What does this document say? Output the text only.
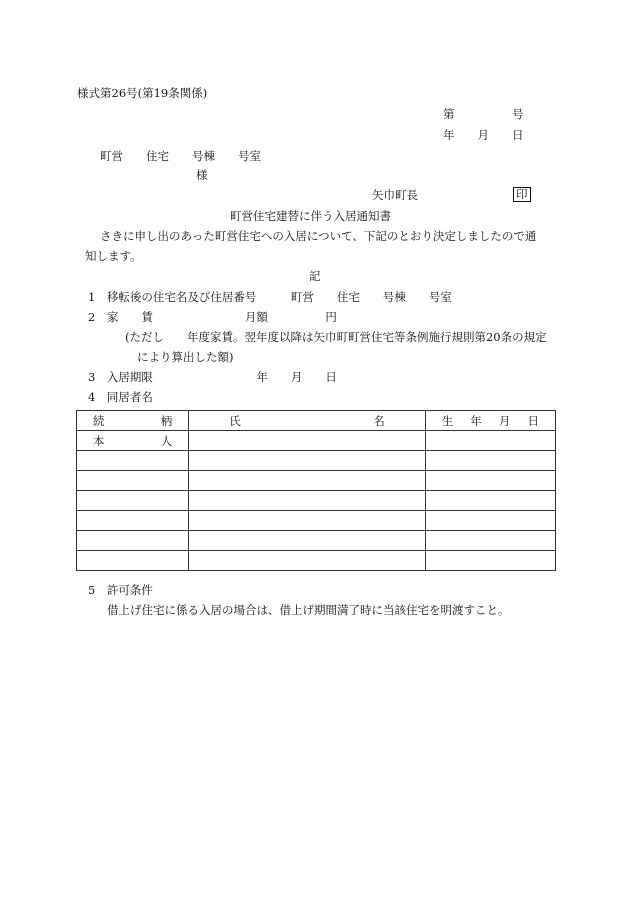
様式第26号(第19条関係)
第　　　　　号
年　　月　　日
町営　　住宅　　号棟　　号室
様
矢巾町長	印
町営住宅建替に伴う入居通知書
さきに申し出のあった町営住宅への入居について、下記のとおり決定しましたので通
知します。
記
1　移転後の住宅名及び住居番号　　　町営　　住宅　　号棟　　号室
2　家　　賃　　　　　　　　月額　　　　　円
(ただし　　年度家賃。翌年度以降は矢巾町町営住宅等条例施行規則第20条の規定
により算出した額)
3　入居期限　　　　　　　　　年　　月　　日
4　同居者名
続 柄	氏 名	生 年 月 日

本 人		

5　許可条件
借上げ住宅に係る入居の場合は、借上げ期間満了時に当該住宅を明渡すこと。
